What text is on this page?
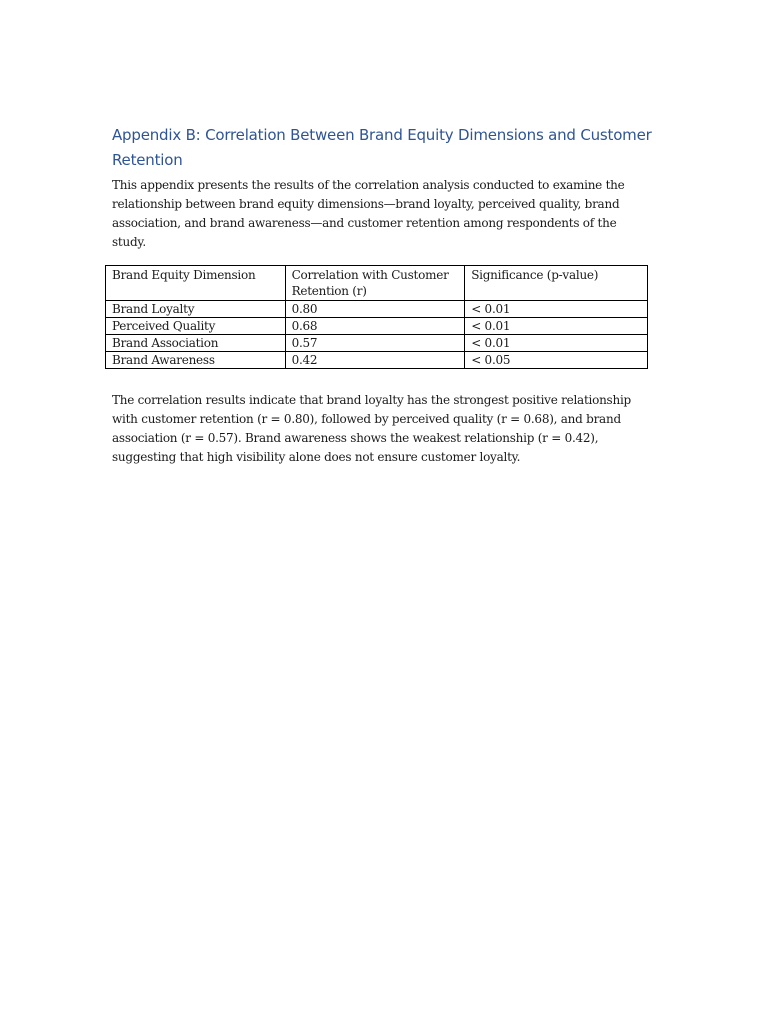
Appendix B: Correlation Between Brand Equity Dimensions and Customer Retention

This appendix presents the results of the correlation analysis conducted to examine the relationship between brand equity dimensions—brand loyalty, perceived quality, brand association, and brand awareness—and customer retention among respondents of the study.

Brand Equity Dimension	Correlation with Customer Retention (r)	Significance (p-value)
Brand Loyalty	0.80	< 0.01
Perceived Quality	0.68	< 0.01
Brand Association	0.57	< 0.01
Brand Awareness	0.42	< 0.05

The correlation results indicate that brand loyalty has the strongest positive relationship with customer retention (r = 0.80), followed by perceived quality (r = 0.68), and brand association (r = 0.57). Brand awareness shows the weakest relationship (r = 0.42), suggesting that high visibility alone does not ensure customer loyalty.
